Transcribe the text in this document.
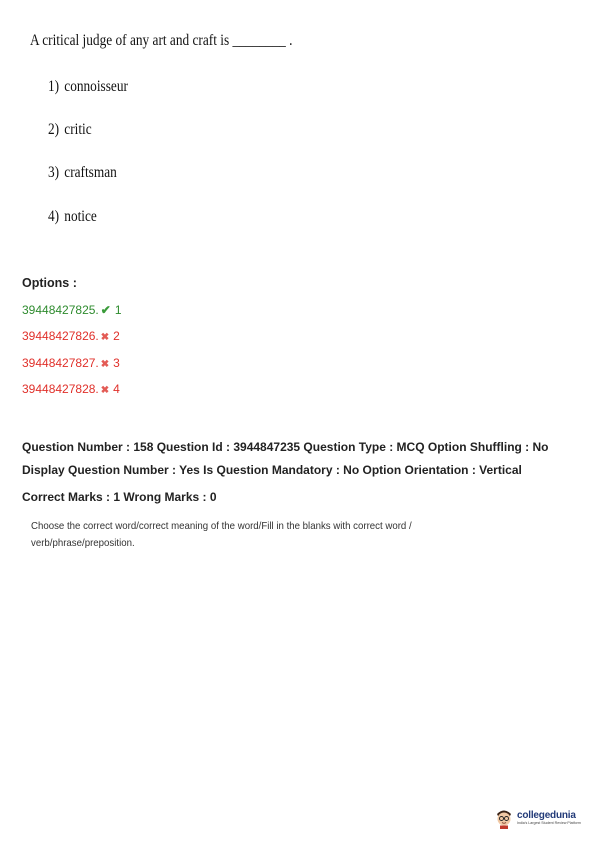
A critical judge of any art and craft is ________ .
1) connoisseur
2) critic
3) craftsman
4) notice
Options :
39448427825. ✔ 1
39448427826. ✖ 2
39448427827. ✖ 3
39448427828. ✖ 4
Question Number : 158 Question Id : 3944847235 Question Type : MCQ Option Shuffling : No
Display Question Number : Yes Is Question Mandatory : No Option Orientation : Vertical
Correct Marks : 1 Wrong Marks : 0
Choose the correct word/correct meaning of the word/Fill in the blanks with correct word / verb/phrase/preposition.
collegedunia
India's Largest Student Review Platform
